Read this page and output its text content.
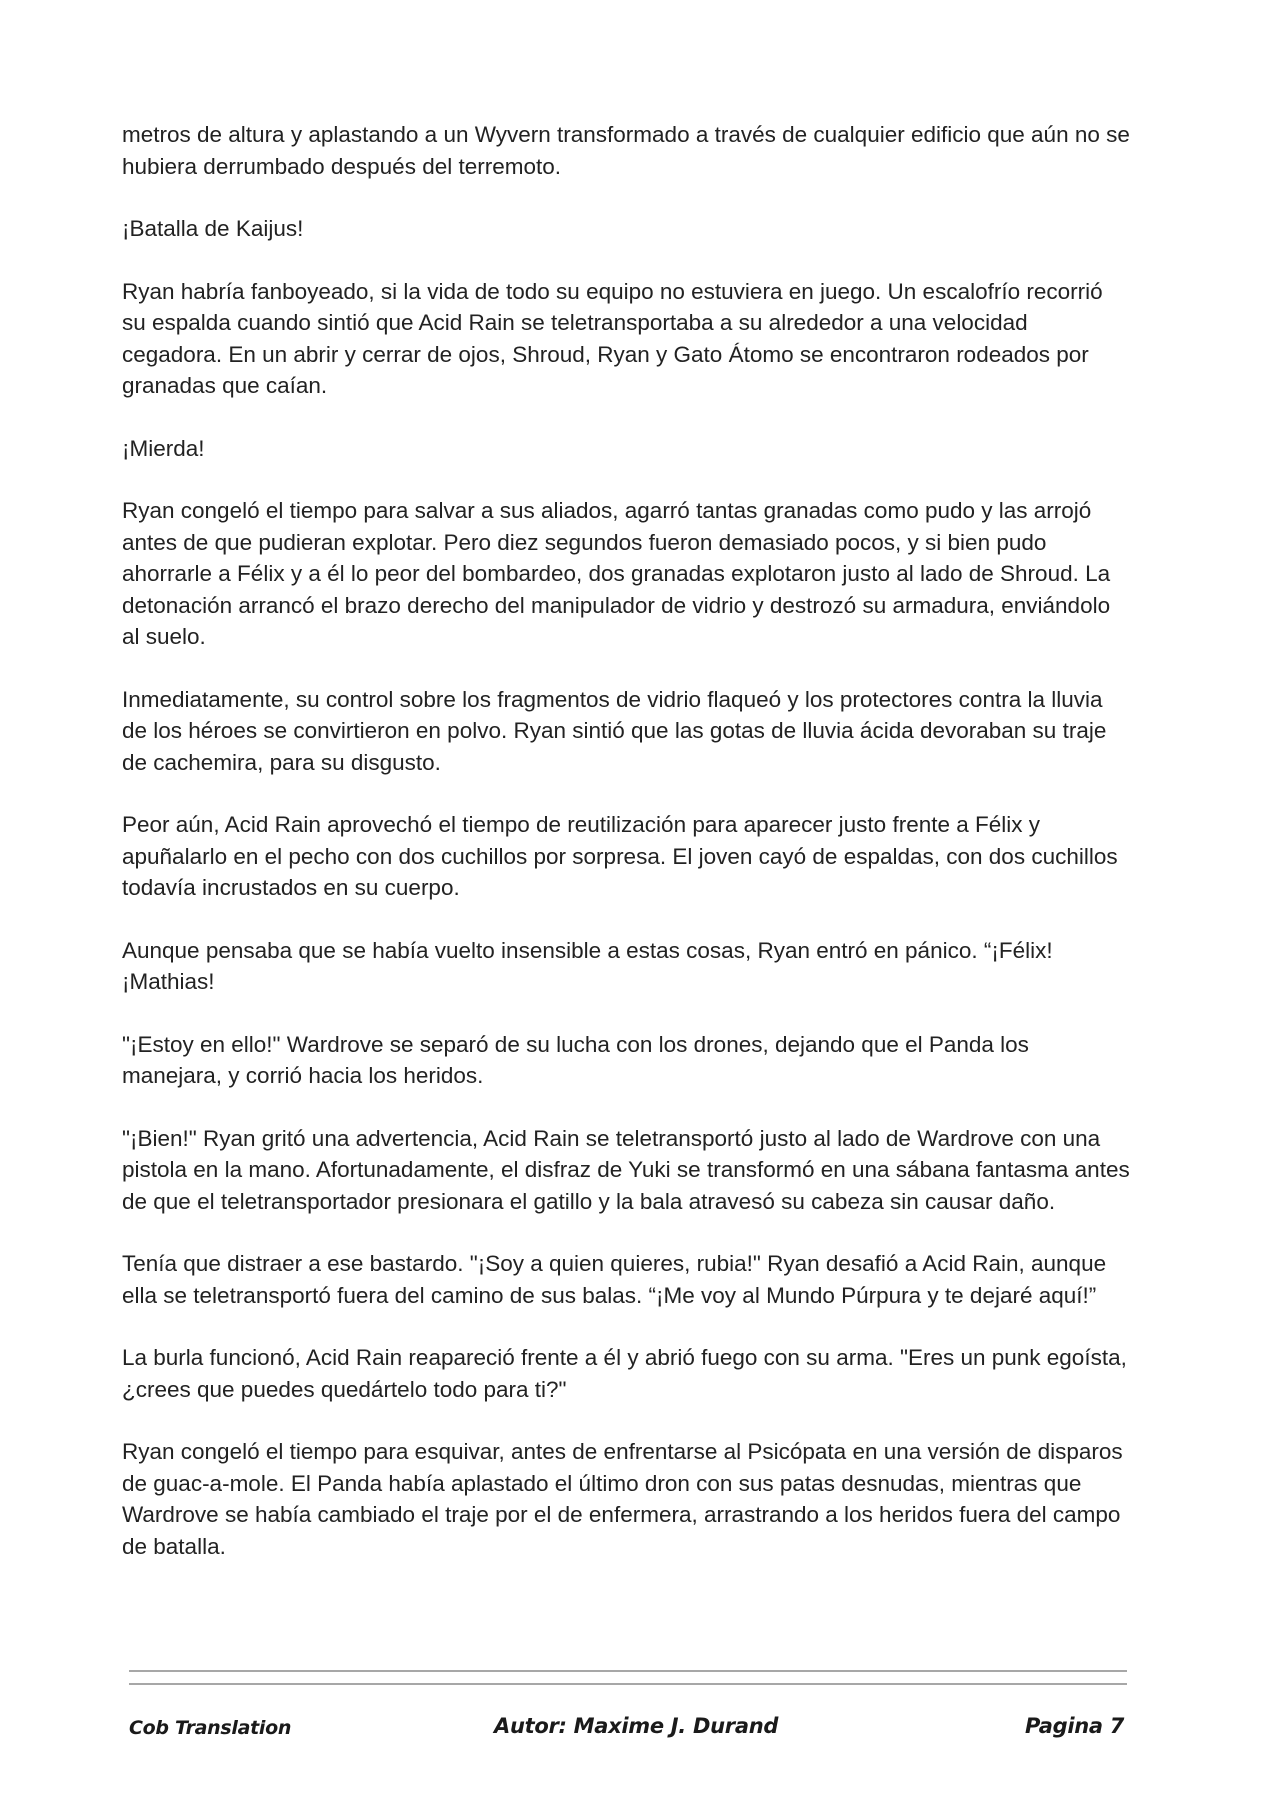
metros de altura y aplastando a un Wyvern transformado a través de cualquier edificio que aún no se hubiera derrumbado después del terremoto.

¡Batalla de Kaijus!

Ryan habría fanboyeado, si la vida de todo su equipo no estuviera en juego. Un escalofrío recorrió su espalda cuando sintió que Acid Rain se teletransportaba a su alrededor a una velocidad cegadora. En un abrir y cerrar de ojos, Shroud, Ryan y Gato Átomo se encontraron rodeados por granadas que caían.

¡Mierda!

Ryan congeló el tiempo para salvar a sus aliados, agarró tantas granadas como pudo y las arrojó antes de que pudieran explotar. Pero diez segundos fueron demasiado pocos, y si bien pudo ahorrarle a Félix y a él lo peor del bombardeo, dos granadas explotaron justo al lado de Shroud. La detonación arrancó el brazo derecho del manipulador de vidrio y destrozó su armadura, enviándolo al suelo.

Inmediatamente, su control sobre los fragmentos de vidrio flaqueó y los protectores contra la lluvia de los héroes se convirtieron en polvo. Ryan sintió que las gotas de lluvia ácida devoraban su traje de cachemira, para su disgusto.

Peor aún, Acid Rain aprovechó el tiempo de reutilización para aparecer justo frente a Félix y apuñalarlo en el pecho con dos cuchillos por sorpresa. El joven cayó de espaldas, con dos cuchillos todavía incrustados en su cuerpo.

Aunque pensaba que se había vuelto insensible a estas cosas, Ryan entró en pánico. “¡Félix! ¡Mathias!

"¡Estoy en ello!" Wardrove se separó de su lucha con los drones, dejando que el Panda los manejara, y corrió hacia los heridos.

"¡Bien!" Ryan gritó una advertencia, Acid Rain se teletransportó justo al lado de Wardrove con una pistola en la mano. Afortunadamente, el disfraz de Yuki se transformó en una sábana fantasma antes de que el teletransportador presionara el gatillo y la bala atravesó su cabeza sin causar daño.

Tenía que distraer a ese bastardo. "¡Soy a quien quieres, rubia!" Ryan desafió a Acid Rain, aunque ella se teletransportó fuera del camino de sus balas. “¡Me voy al Mundo Púrpura y te dejaré aquí!”

La burla funcionó, Acid Rain reapareció frente a él y abrió fuego con su arma. "Eres un punk egoísta, ¿crees que puedes quedártelo todo para ti?"

Ryan congeló el tiempo para esquivar, antes de enfrentarse al Psicópata en una versión de disparos de guac-a-mole. El Panda había aplastado el último dron con sus patas desnudas, mientras que Wardrove se había cambiado el traje por el de enfermera, arrastrando a los heridos fuera del campo de batalla.

Cob Translation	Autor: Maxime J. Durand	Pagina 7
